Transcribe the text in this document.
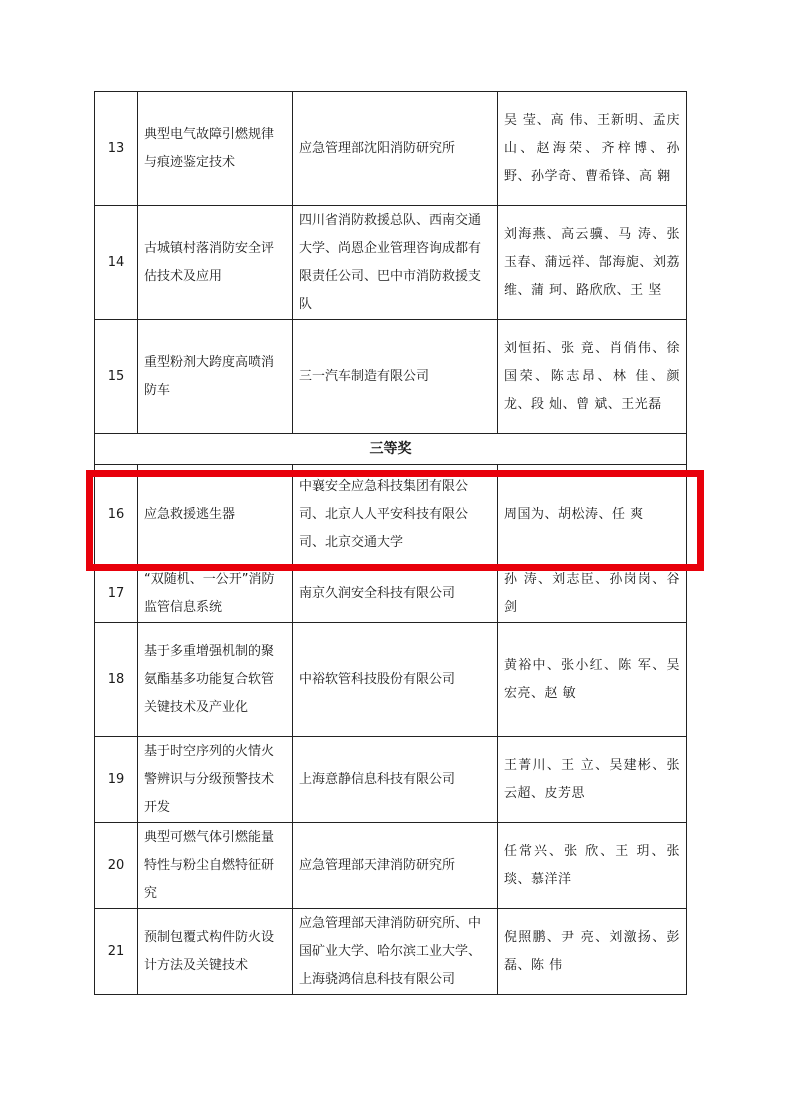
13	典型电气故障引燃规律与痕迹鉴定技术	应急管理部沈阳消防研究所	吴 莹、高 伟、王新明、孟庆山、赵海荣、齐梓博、孙 野、孙学奇、曹希锋、高 翱
14	古城镇村落消防安全评估技术及应用	四川省消防救援总队、西南交通大学、尚恩企业管理咨询成都有限责任公司、巴中市消防救援支队	刘海燕、高云骥、马 涛、张玉春、蒲远祥、郜海旎、刘荔维、蒲 珂、路欣欣、王 坚
15	重型粉剂大跨度高喷消防车	三一汽车制造有限公司	刘恒拓、张 竟、肖俏伟、徐国荣、陈志昂、林 佳、颜 龙、段 灿、曾 斌、王光磊
三等奖			
16	应急救援逃生器	中襄安全应急科技集团有限公司、北京人人平安科技有限公司、北京交通大学	周国为、胡松涛、任 爽
17	“双随机、一公开”消防监管信息系统	南京久润安全科技有限公司	孙 涛、刘志臣、孙岗岗、谷 剑
18	基于多重增强机制的聚氨酯基多功能复合软管关键技术及产业化	中裕软管科技股份有限公司	黄裕中、张小红、陈 军、吴宏亮、赵 敏
19	基于时空序列的火情火警辨识与分级预警技术开发	上海意静信息科技有限公司	王菁川、王 立、吴建彬、张云超、皮芳思
20	典型可燃气体引燃能量特性与粉尘自燃特征研究	应急管理部天津消防研究所	任常兴、张 欣、王 玥、张 琰、慕洋洋
21	预制包覆式构件防火设计方法及关键技术	应急管理部天津消防研究所、中国矿业大学、哈尔滨工业大学、上海骁鸿信息科技有限公司	倪照鹏、尹 亮、刘激扬、彭 磊、陈 伟
